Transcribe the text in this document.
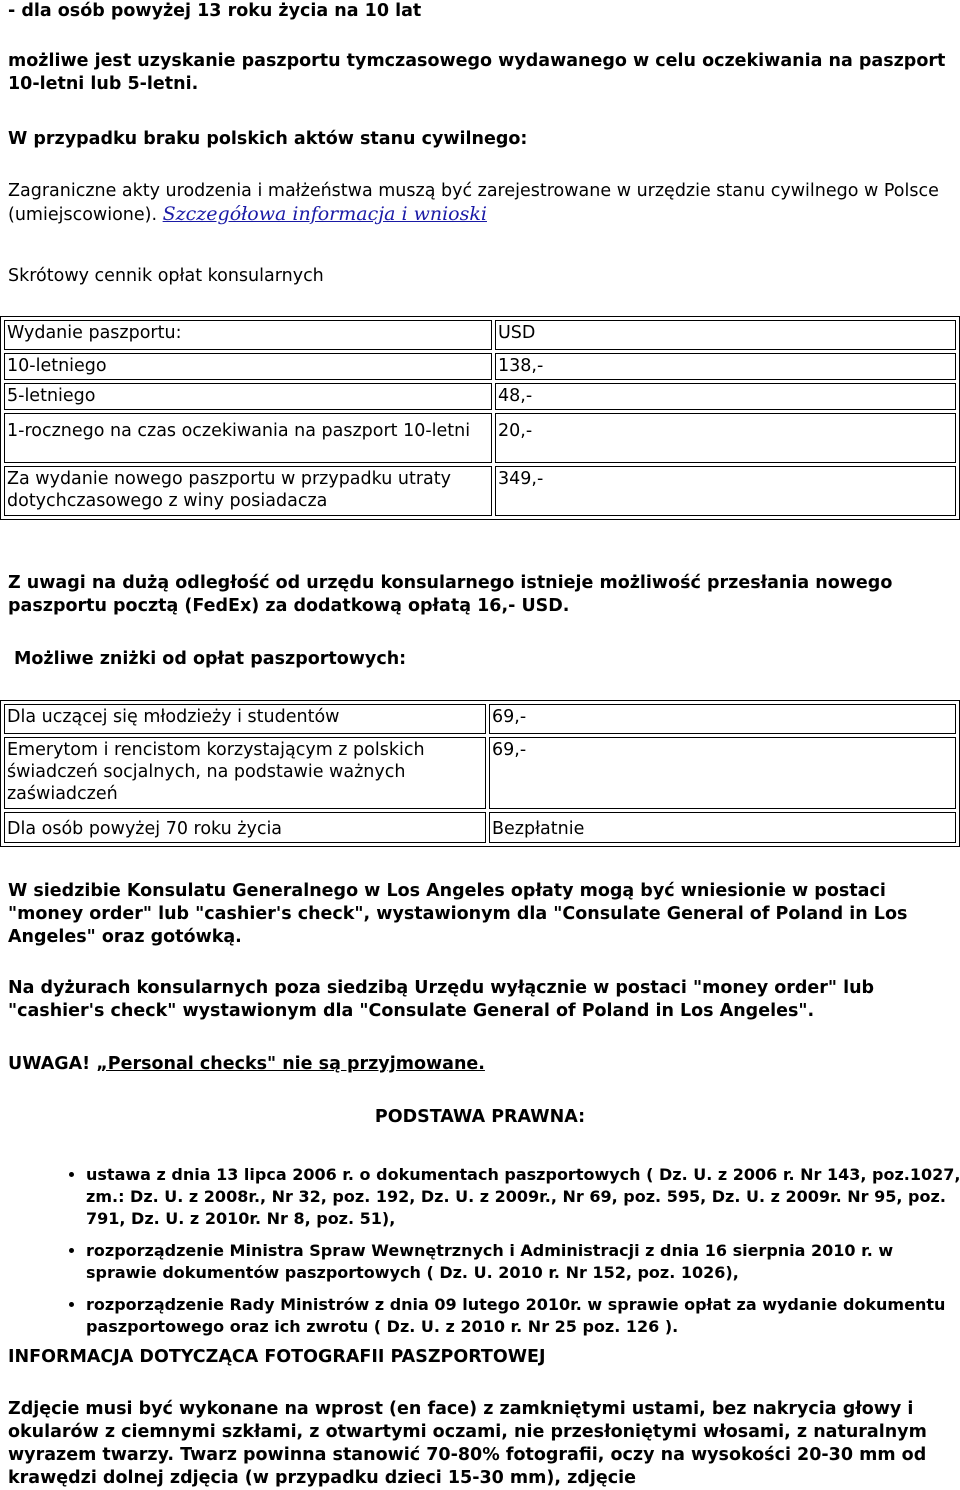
- dla osób powyżej 13 roku życia na 10 lat
możliwe jest uzyskanie paszportu tymczasowego wydawanego w celu oczekiwania na paszport 10-letni lub 5-letni.
W przypadku braku polskich aktów stanu cywilnego:
Zagraniczne akty urodzenia i małżeństwa muszą być zarejestrowane w urzędzie stanu cywilnego w Polsce (umiejscowione). Szczegółowa informacja i wnioski
Skrótowy cennik opłat konsularnych
Wydanie paszportu:	USD
10-letniego	138,-
5-letniego	48,-
1-rocznego na czas oczekiwania na paszport 10-letni	20,-
Za wydanie nowego paszportu w przypadku utraty dotychczasowego z winy posiadacza	349,-
Z uwagi na dużą odległość od urzędu konsularnego istnieje możliwość przesłania nowego paszportu pocztą (FedEx) za dodatkową opłatą 16,- USD.
Możliwe zniżki od opłat paszportowych:
Dla uczącej się młodzieży i studentów	69,-

Emerytom i rencistom korzystającym z polskich świadczeń socjalnych, na podstawie ważnych zaświadczeń	69,-
Dla osób powyżej 70 roku życia	Bezpłatnie
W siedzibie Konsulatu Generalnego w Los Angeles opłaty mogą być wniesionie w postaci "money order" lub "cashier's check", wystawionym dla "Consulate General of Poland in Los Angeles" oraz gotówką.
Na dyżurach konsularnych poza siedzibą Urzędu wyłącznie w postaci "money order" lub "cashier's check" wystawionym dla "Consulate General of Poland in Los Angeles".
UWAGA! „Personal checks" nie są przyjmowane.
PODSTAWA PRAWNA:
• ustawa z dnia 13 lipca 2006 r. o dokumentach paszportowych ( Dz. U. z 2006 r. Nr 143, poz.1027, zm.: Dz. U. z 2008r., Nr 32, poz. 192, Dz. U. z 2009r., Nr 69, poz. 595, Dz. U. z 2009r. Nr 95, poz. 791, Dz. U. z 2010r. Nr 8, poz. 51),
• rozporządzenie Ministra Spraw Wewnętrznych i Administracji z dnia 16 sierpnia 2010 r. w sprawie dokumentów paszportowych ( Dz. U. 2010 r. Nr 152, poz. 1026),
• rozporządzenie Rady Ministrów z dnia 09 lutego 2010r. w sprawie opłat za wydanie dokumentu paszportowego oraz ich zwrotu ( Dz. U. z 2010 r. Nr 25 poz. 126 ).
INFORMACJA DOTYCZĄCA FOTOGRAFII PASZPORTOWEJ
Zdjęcie musi być wykonane na wprost (en face) z zamkniętymi ustami, bez nakrycia głowy i okularów z ciemnymi szkłami, z otwartymi oczami, nie przesłoniętymi włosami, z naturalnym wyrazem twarzy. Twarz powinna stanowić 70-80% fotografii, oczy na wysokości 20-30 mm od krawędzi dolnej zdjęcia (w przypadku dzieci 15-30 mm), zdjęcie
